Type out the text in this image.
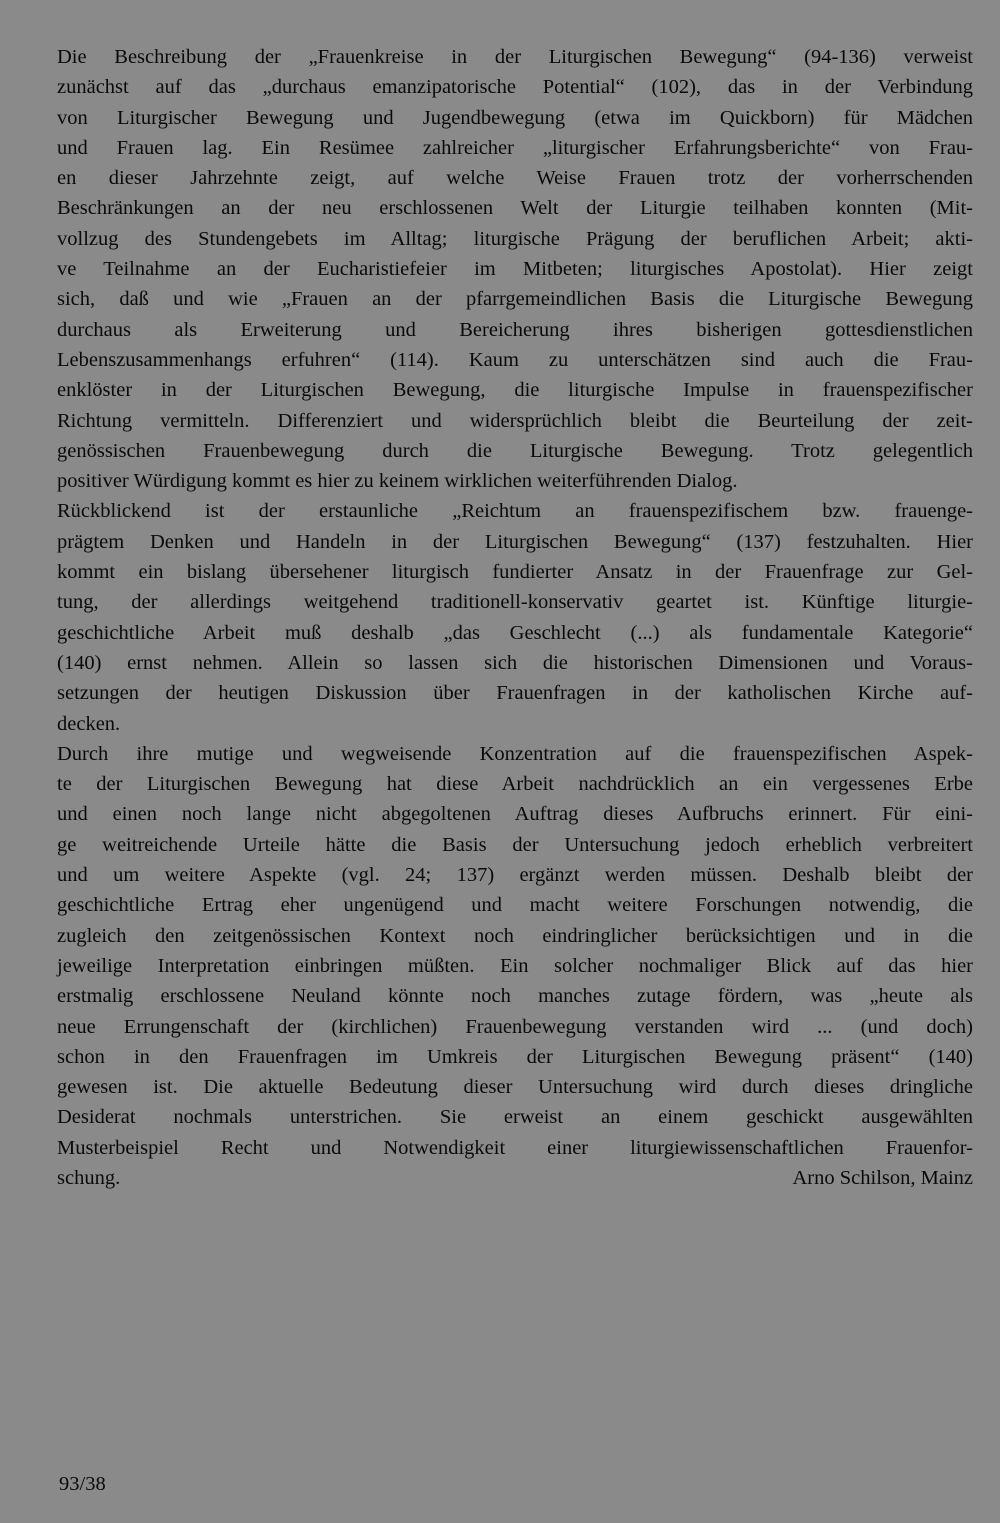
Die Beschreibung der „Frauenkreise in der Liturgischen Bewegung“ (94-136) verweist
zunächst auf das „durchaus emanzipatorische Potential“ (102), das in der Verbindung
von Liturgischer Bewegung und Jugendbewegung (etwa im Quickborn) für Mädchen
und Frauen lag. Ein Resümee zahlreicher „liturgischer Erfahrungsberichte“ von Frau-
en dieser Jahrzehnte zeigt, auf welche Weise Frauen trotz der vorherrschenden
Beschränkungen an der neu erschlossenen Welt der Liturgie teilhaben konnten (Mit-
vollzug des Stundengebets im Alltag; liturgische Prägung der beruflichen Arbeit; akti-
ve Teilnahme an der Eucharistiefeier im Mitbeten; liturgisches Apostolat). Hier zeigt
sich, daß und wie „Frauen an der pfarrgemeindlichen Basis die Liturgische Bewegung
durchaus als Erweiterung und Bereicherung ihres bisherigen gottesdienstlichen
Lebenszusammenhangs erfuhren“ (114). Kaum zu unterschätzen sind auch die Frau-
enklöster in der Liturgischen Bewegung, die liturgische Impulse in frauenspezifischer
Richtung vermitteln. Differenziert und widersprüchlich bleibt die Beurteilung der zeit-
genössischen Frauenbewegung durch die Liturgische Bewegung. Trotz gelegentlich
positiver Würdigung kommt es hier zu keinem wirklichen weiterführenden Dialog.
Rückblickend ist der erstaunliche „Reichtum an frauenspezifischem bzw. frauenge-
prägtem Denken und Handeln in der Liturgischen Bewegung“ (137) festzuhalten. Hier
kommt ein bislang übersehener liturgisch fundierter Ansatz in der Frauenfrage zur Gel-
tung, der allerdings weitgehend traditionell-konservativ geartet ist. Künftige liturgie-
geschichtliche Arbeit muß deshalb „das Geschlecht (...) als fundamentale Kategorie“
(140) ernst nehmen. Allein so lassen sich die historischen Dimensionen und Voraus-
setzungen der heutigen Diskussion über Frauenfragen in der katholischen Kirche auf-
decken.
Durch ihre mutige und wegweisende Konzentration auf die frauenspezifischen Aspek-
te der Liturgischen Bewegung hat diese Arbeit nachdrücklich an ein vergessenes Erbe
und einen noch lange nicht abgegoltenen Auftrag dieses Aufbruchs erinnert. Für eini-
ge weitreichende Urteile hätte die Basis der Untersuchung jedoch erheblich verbreitert
und um weitere Aspekte (vgl. 24; 137) ergänzt werden müssen. Deshalb bleibt der
geschichtliche Ertrag eher ungenügend und macht weitere Forschungen notwendig, die
zugleich den zeitgenössischen Kontext noch eindringlicher berücksichtigen und in die
jeweilige Interpretation einbringen müßten. Ein solcher nochmaliger Blick auf das hier
erstmalig erschlossene Neuland könnte noch manches zutage fördern, was „heute als
neue Errungenschaft der (kirchlichen) Frauenbewegung verstanden wird ... (und doch)
schon in den Frauenfragen im Umkreis der Liturgischen Bewegung präsent“ (140)
gewesen ist. Die aktuelle Bedeutung dieser Untersuchung wird durch dieses dringliche
Desiderat nochmals unterstrichen. Sie erweist an einem geschickt ausgewählten
Musterbeispiel Recht und Notwendigkeit einer liturgiewissenschaftlichen Frauenfor-
schung.	Arno Schilson, Mainz
93/38
